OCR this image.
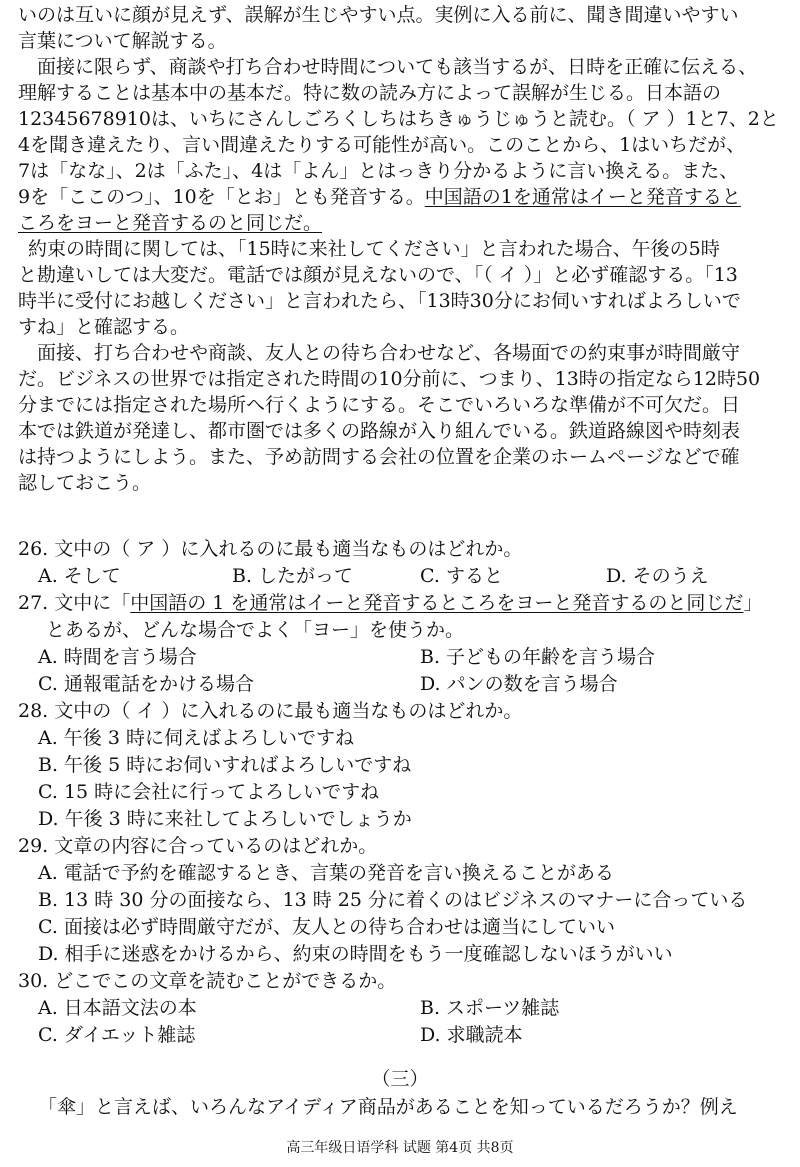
いのは互いに顔が見えず、誤解が生じやすい点。実例に入る前に、聞き間違いやすい
言葉について解説する。
　面接に限らず、商談や打ち合わせ時間についても該当するが、日時を正確に伝える、
理解することは基本中の基本だ。特に数の読み方によって誤解が生じる。日本語の
12345678910は、いちにさんしごろくしちはちきゅうじゅうと読む。（ ア ）1と7、2と
4を聞き違えたり、言い間違えたりする可能性が高い。このことから、1はいちだが、
7は「なな」、2は「ふた」、4は「よん」とはっきり分かるように言い換える。また、
9を「ここのつ」、10を「とお」とも発音する。中国語の1を通常はイーと発音すると
ころをヨーと発音するのと同じだ。
約束の時間に関しては、「15時に来社してください」と言われた場合、午後の5時
と勘違いしては大変だ。電話では顔が見えないので、「（ イ ）」と必ず確認する。「13
時半に受付にお越しください」と言われたら、「13時30分にお伺いすればよろしいで
すね」と確認する。
　面接、打ち合わせや商談、友人との待ち合わせなど、各場面での約束事が時間厳守
だ。ビジネスの世界では指定された時間の10分前に、つまり、13時の指定なら12時50
分までには指定された場所へ行くようにする。そこでいろいろな準備が不可欠だ。日
本では鉄道が発達し、都市圏では多くの路線が入り組んでいる。鉄道路線図や時刻表
は持つようにしよう。また、予め訪問する会社の位置を企業のホームページなどで確
認しておこう。
26. 文中の（ ア ）に入れるのに最も適当なものはどれか。
A. そして	B. したがって	C. すると	D. そのうえ
27. 文中に「中国語の 1 を通常はイーと発音するところをヨーと発音するのと同じだ」
とあるが、どんな場合でよく「ヨー」を使うか。
A. 時間を言う場合	B. 子どもの年齢を言う場合
C. 通報電話をかける場合	D. パンの数を言う場合
28. 文中の（ イ ）に入れるのに最も適当なものはどれか。
A. 午後 3 時に伺えばよろしいですね
B. 午後 5 時にお伺いすればよろしいですね
C. 15 時に会社に行ってよろしいですね
D. 午後 3 時に来社してよろしいでしょうか
29. 文章の内容に合っているのはどれか。
A. 電話で予約を確認するとき、言葉の発音を言い換えることがある
B. 13 時 30 分の面接なら、13 時 25 分に着くのはビジネスのマナーに合っている
C. 面接は必ず時間厳守だが、友人との待ち合わせは適当にしていい
D. 相手に迷惑をかけるから、約束の時間をもう一度確認しないほうがいい
30. どこでこの文章を読むことができるか。
A. 日本語文法の本	B. スポーツ雑誌
C. ダイエット雑誌	D. 求職読本
（三）
「傘」と言えば、いろんなアイディア商品があることを知っているだろうか？例え
高三年级日语学科 试题 第4页 共8页
